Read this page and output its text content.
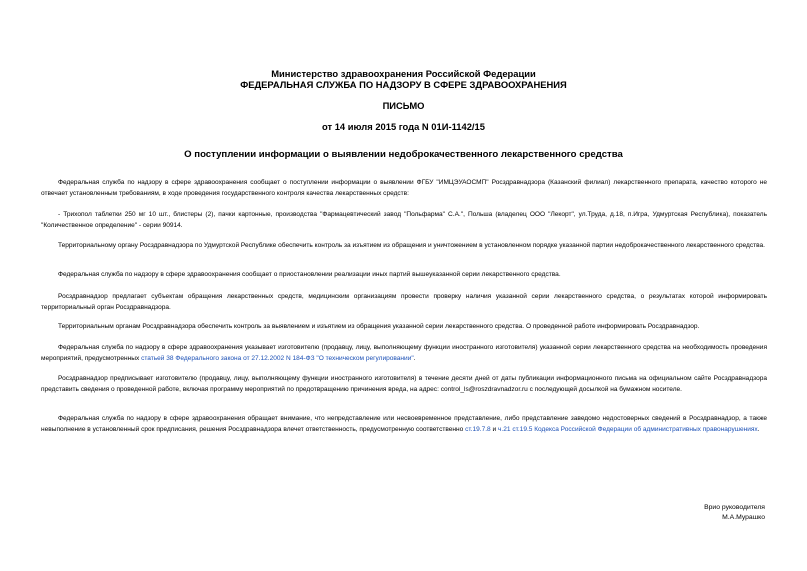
Министерство здравоохранения Российской Федерации
ФЕДЕРАЛЬНАЯ СЛУЖБА ПО НАДЗОРУ В СФЕРЕ ЗДРАВООХРАНЕНИЯ
ПИСЬМО
от 14 июля 2015 года N 01И-1142/15
О поступлении информации о выявлении недоброкачественного лекарственного средства
Федеральная служба по надзору в сфере здравоохранения сообщает о поступлении информации о выявлении ФГБУ "ИМЦЭУАОСМП" Росздравнадзора (Казанский филиал) лекарственного препарата, качество которого не отвечает установленным требованиям, в ходе проведения государственного контроля качества лекарственных средств:
- Трихопол таблетки 250 мг 10 шт., блистеры (2), пачки картонные, производства "Фармацевтический завод "Польфарма" С.А.", Польша (владелец ООО "Лекорт", ул.Труда, д.18, п.Игра, Удмуртская Республика), показатель "Количественное определение" - серии 90914.
Территориальному органу Росздравнадзора по Удмуртской Республике обеспечить контроль за изъятием из обращения и уничтожением в установленном порядке указанной партии недоброкачественного лекарственного средства.
Федеральная служба по надзору в сфере здравоохранения сообщает о приостановлении реализации иных партий вышеуказанной серии лекарственного средства.
Росздравнадзор предлагает субъектам обращения лекарственных средств, медицинским организациям провести проверку наличия указанной серии лекарственного средства, о результатах которой информировать территориальный орган Росздравнадзора.
Территориальным органам Росздравнадзора обеспечить контроль за выявлением и изъятием из обращения указанной серии лекарственного средства. О проведенной работе информировать Росздравнадзор.
Федеральная служба по надзору в сфере здравоохранения указывает изготовителю (продавцу, лицу, выполняющему функции иностранного изготовителя) указанной серии лекарственного средства на необходимость проведения мероприятий, предусмотренных статьей 38 Федерального закона от 27.12.2002 N 184-ФЗ "О техническом регулировании".
Росздравнадзор предписывает изготовителю (продавцу, лицу, выполняющему функции иностранного изготовителя) в течение десяти дней от даты публикации информационного письма на официальном сайте Росздравнадзора представить сведения о проведенной работе, включая программу мероприятий по предотвращению причинения вреда, на адрес: control_ls@roszdravnadzor.ru с последующей досылкой на бумажном носителе.
Федеральная служба по надзору в сфере здравоохранения обращает внимание, что непредставление или несвоевременное представление, либо представление заведомо недостоверных сведений в Росздравнадзор, а также невыполнение в установленный срок предписания, решения Росздравнадзора влечет ответственность, предусмотренную соответственно ст.19.7.8 и ч.21 ст.19.5 Кодекса Российской Федерации об административных правонарушениях.
Врио руководителя
М.А.Мурашко
